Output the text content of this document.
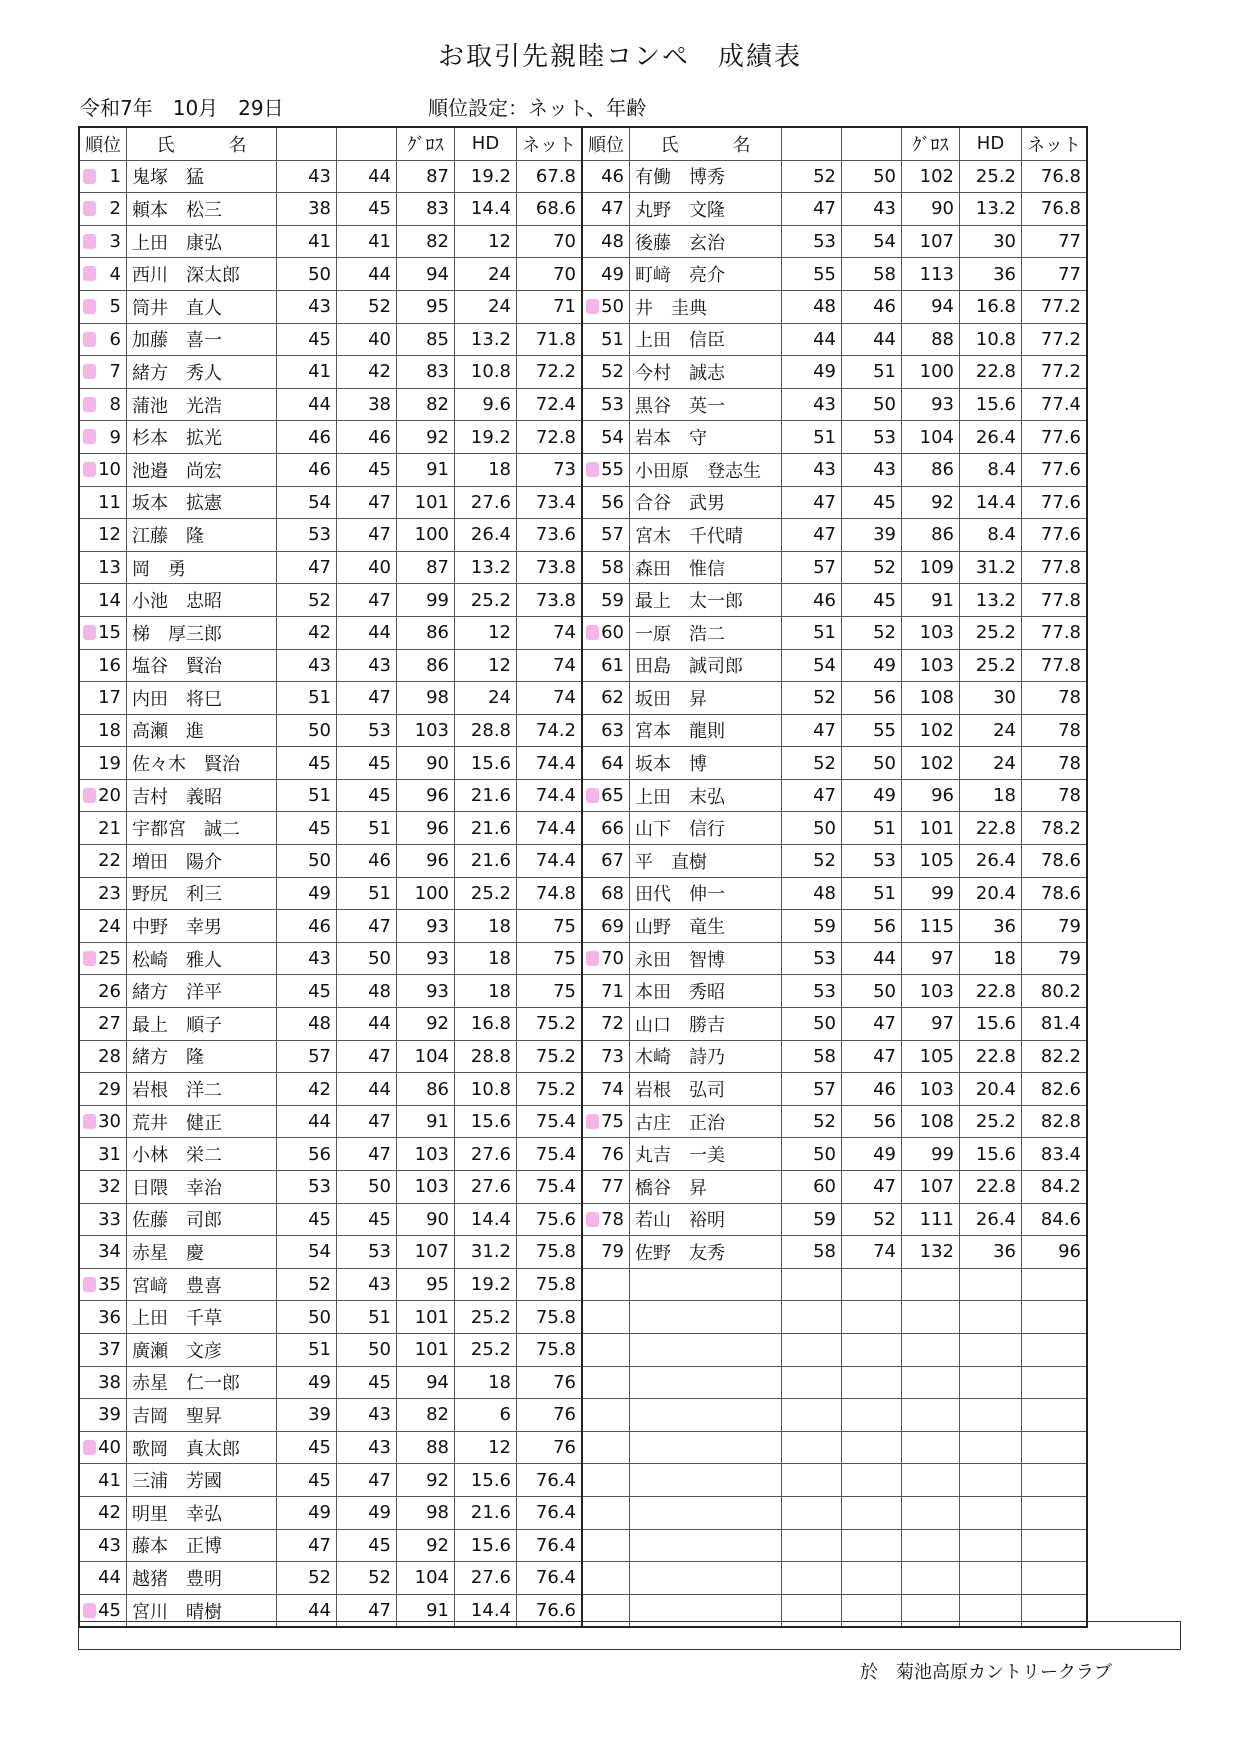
お取引先親睦コンペ　成績表
令和7年　10月　29日	順位設定：ネット、年齢
順位	氏　　　名			ｸﾞﾛｽ	HD	ネット	順位	氏　　　名			ｸﾞﾛｽ	HD	ネット

1	鬼塚　猛	43	44	87	19.2	67.8	46	有働　博秀	52	50	102	25.2	76.8

2	頼本　松三	38	45	83	14.4	68.6	47	丸野　文隆	47	43	90	13.2	76.8

3	上田　康弘	41	41	82	12	70	48	後藤　玄治	53	54	107	30	77

4	西川　深太郎	50	44	94	24	70	49	町﨑　亮介	55	58	113	36	77

5	筒井　直人	43	52	95	24	71	50	井　圭典	48	46	94	16.8	77.2

6	加藤　喜一	45	40	85	13.2	71.8	51	上田　信臣	44	44	88	10.8	77.2

7	緒方　秀人	41	42	83	10.8	72.2	52	今村　誠志	49	51	100	22.8	77.2

8	蒲池　光浩	44	38	82	9.6	72.4	53	黒谷　英一	43	50	93	15.6	77.4

9	杉本　拡光	46	46	92	19.2	72.8	54	岩本　守	51	53	104	26.4	77.6

10	池邉　尚宏	46	45	91	18	73	55	小田原　登志生	43	43	86	8.4	77.6
11	坂本　拡憲	54	47	101	27.6	73.4	56	合谷　武男	47	45	92	14.4	77.6
12	江藤　隆	53	47	100	26.4	73.6	57	宮木　千代晴	47	39	86	8.4	77.6
13	岡　勇	47	40	87	13.2	73.8	58	森田　惟信	57	52	109	31.2	77.8
14	小池　忠昭	52	47	99	25.2	73.8	59	最上　太一郎	46	45	91	13.2	77.8

15	梯　厚三郎	42	44	86	12	74	60	一原　浩二	51	52	103	25.2	77.8
16	塩谷　賢治	43	43	86	12	74	61	田島　誠司郎	54	49	103	25.2	77.8
17	内田　将巳	51	47	98	24	74	62	坂田　昇	52	56	108	30	78
18	高瀬　進	50	53	103	28.8	74.2	63	宮本　龍則	47	55	102	24	78
19	佐々木　賢治	45	45	90	15.6	74.4	64	坂本　博	52	50	102	24	78

20	吉村　義昭	51	45	96	21.6	74.4	65	上田　末弘	47	49	96	18	78
21	宇都宮　誠二	45	51	96	21.6	74.4	66	山下　信行	50	51	101	22.8	78.2
22	増田　陽介	50	46	96	21.6	74.4	67	平　直樹	52	53	105	26.4	78.6
23	野尻　利三	49	51	100	25.2	74.8	68	田代　伸一	48	51	99	20.4	78.6
24	中野　幸男	46	47	93	18	75	69	山野　竜生	59	56	115	36	79

25	松崎　雅人	43	50	93	18	75	70	永田　智博	53	44	97	18	79
26	緒方　洋平	45	48	93	18	75	71	本田　秀昭	53	50	103	22.8	80.2
27	最上　順子	48	44	92	16.8	75.2	72	山口　勝吉	50	47	97	15.6	81.4
28	緒方　隆	57	47	104	28.8	75.2	73	木崎　詩乃	58	47	105	22.8	82.2
29	岩根　洋二	42	44	86	10.8	75.2	74	岩根　弘司	57	46	103	20.4	82.6

30	荒井　健正	44	47	91	15.6	75.4	75	古庄　正治	52	56	108	25.2	82.8
31	小林　栄二	56	47	103	27.6	75.4	76	丸吉　一美	50	49	99	15.6	83.4
32	日隈　幸治	53	50	103	27.6	75.4	77	橋谷　昇	60	47	107	22.8	84.2
33	佐藤　司郎	45	45	90	14.4	75.6	78	若山　裕明	59	52	111	26.4	84.6
34	赤星　慶	54	53	107	31.2	75.8	79	佐野　友秀	58	74	132	36	96

35	宮﨑　豊喜	52	43	95	19.2	75.8							
36	上田　千草	50	51	101	25.2	75.8							
37	廣瀬　文彦	51	50	101	25.2	75.8							
38	赤星　仁一郎	49	45	94	18	76							
39	吉岡　聖昇	39	43	82	6	76							

40	歌岡　真太郎	45	43	88	12	76							
41	三浦　芳國	45	47	92	15.6	76.4							
42	明里　幸弘	49	49	98	21.6	76.4							
43	藤本　正博	47	45	92	15.6	76.4							
44	越猪　豊明	52	52	104	27.6	76.4							

45	宮川　晴樹	44	47	91	14.4	76.6							
於　菊池高原カントリークラブ
